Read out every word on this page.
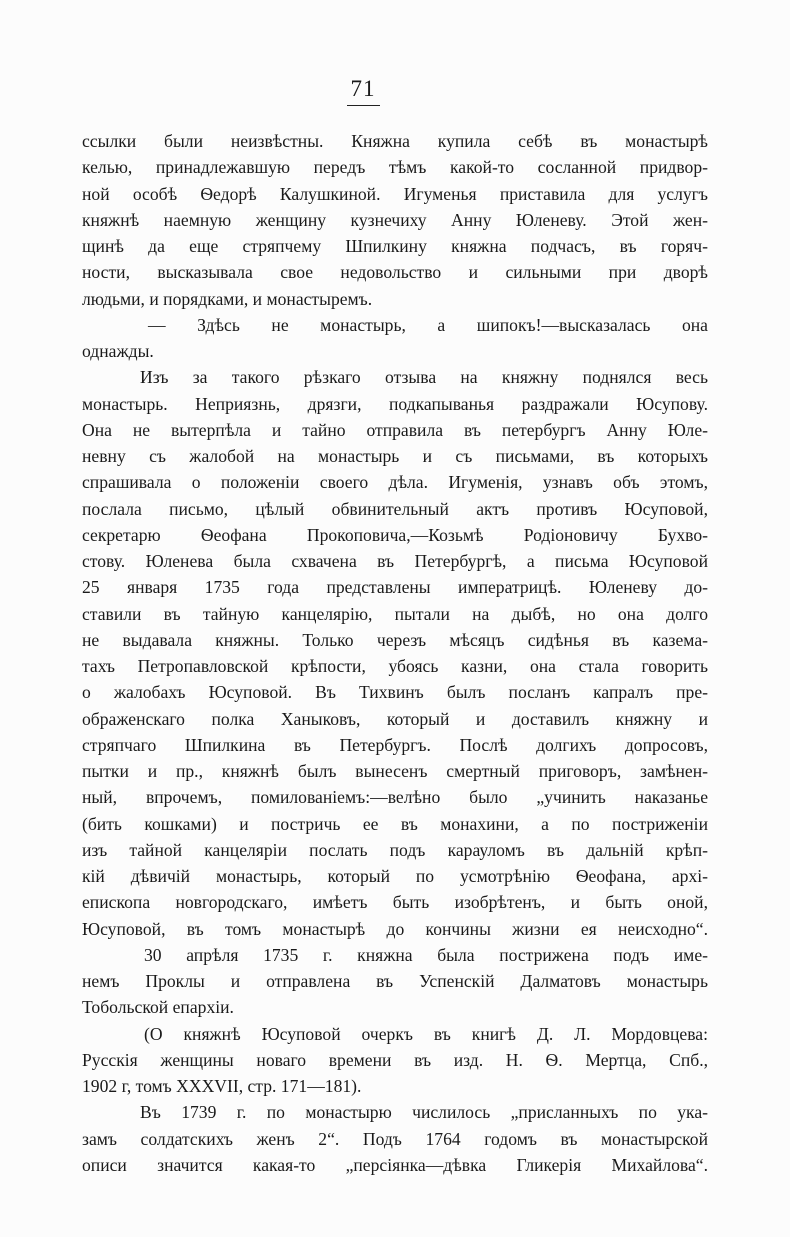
71
ссылки были неизвѣстны. Княжна купила себѣ въ монастырѣ
келью, принадлежавшую передъ тѣмъ какой-то сосланной придвор-
ной особѣ Ѳедорѣ Калушкиной. Игуменья приставила для услугъ
княжнѣ наемную женщину кузнечиху Анну Юленеву. Этой жен-
щинѣ да еще стряпчему Шпилкину княжна подчасъ, въ горяч-
ности, высказывала свое недовольство и сильными при дворѣ
людьми, и порядками, и монастыремъ.
— Здѣсь не монастырь, а шипокъ!—высказалась она
однажды.
Изъ за такого рѣзкаго отзыва на княжну поднялся весь
монастырь. Неприязнь, дрязги, подкапыванья раздражали Юсупову.
Она не вытерпѣла и тайно отправила въ петербургъ Анну Юле-
невну съ жалобой на монастырь и съ письмами, въ которыхъ
спрашивала о положеніи своего дѣла. Игуменія, узнавъ объ этомъ,
послала письмо, цѣлый обвинительный актъ противъ Юсуповой,
секретарю Ѳеофана Прокоповича,—Козьмѣ Родіоновичу Бухво-
стову. Юленева была схвачена въ Петербургѣ, а письма Юсуповой
25 января 1735 года представлены императрицѣ. Юленеву до-
ставили въ тайную канцелярію, пытали на дыбѣ, но она долго
не выдавала княжны. Только черезъ мѣсяцъ сидѣнья въ казема-
тахъ Петропавловской крѣпости, убоясь казни, она стала говорить
о жалобахъ Юсуповой. Въ Тихвинъ былъ посланъ капралъ пре-
ображенскаго полка Ханыковъ, который и доставилъ княжну и
стряпчаго Шпилкина въ Петербургъ. Послѣ долгихъ допросовъ,
пытки и пр., княжнѣ былъ вынесенъ смертный приговоръ, замѣнен-
ный, впрочемъ, помилованіемъ:—велѣно было „учинить наказанье
(бить кошками) и постричь ее въ монахини, а по постриженіи
изъ тайной канцеляріи послать подъ карауломъ въ дальній крѣп-
кій дѣвичій монастырь, который по усмотрѣнію Ѳеофана, архі-
епископа новгородскаго, имѣетъ быть изобрѣтенъ, и быть оной,
Юсуповой, въ томъ монастырѣ до кончины жизни ея неисходно“.
30 апрѣля 1735 г. княжна была пострижена подъ име-
немъ Проклы и отправлена въ Успенскій Далматовъ монастырь
Тобольской епархіи.
(О княжнѣ Юсуповой очеркъ въ книгѣ Д. Л. Мордовцева:
Русскія женщины новаго времени въ изд. Н. Ѳ. Мертца, Спб.,
1902 г, томъ XXXVII, стр. 171—181).
Въ 1739 г. по монастырю числилось „присланныхъ по ука-
замъ солдатскихъ женъ 2“. Подъ 1764 годомъ въ монастырской
описи значится какая-то „персіянка—дѣвка Гликерія Михайлова“.
